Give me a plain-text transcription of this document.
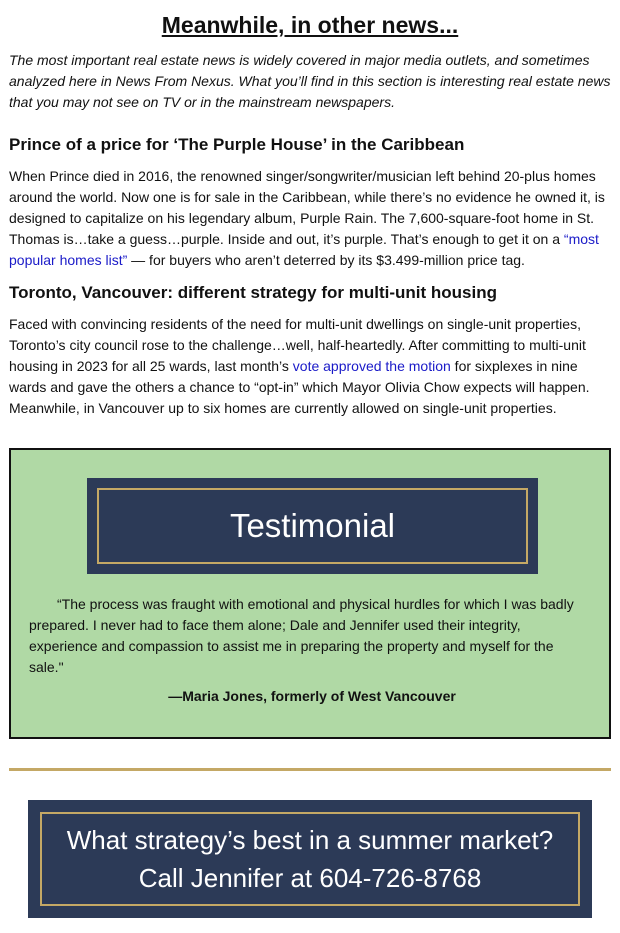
Meanwhile, in other news...

The most important real estate news is widely covered in major media outlets, and sometimes analyzed here in News From Nexus. What you’ll find in this section is interesting real estate news that you may not see on TV or in the mainstream newspapers.

Prince of a price for ‘The Purple House’ in the Caribbean

When Prince died in 2016, the renowned singer/songwriter/musician left behind 20-plus homes around the world. Now one is for sale in the Caribbean, while there’s no evidence he owned it, is designed to capitalize on his legendary album, Purple Rain. The 7,600-square-foot home in St. Thomas is…take a guess…purple. Inside and out, it’s purple. That’s enough to get it on a “most popular homes list” — for buyers who aren’t deterred by its $3.499-million price tag.

Toronto, Vancouver: different strategy for multi-unit housing

Faced with convincing residents of the need for multi-unit dwellings on single-unit properties, Toronto’s city council rose to the challenge…well, half-heartedly. After committing to multi-unit housing in 2023 for all 25 wards, last month’s vote approved the motion for sixplexes in nine wards and gave the others a chance to “opt-in” which Mayor Olivia Chow expects will happen. Meanwhile, in Vancouver up to six homes are currently allowed on single-unit properties.

Testimonial

“The process was fraught with emotional and physical hurdles for which I was badly prepared. I never had to face them alone; Dale and Jennifer used their integrity, experience and compassion to assist me in preparing the property and myself for the sale."

—Maria Jones, formerly of West Vancouver

What strategy’s best in a summer market?
Call Jennifer at 604-726-8768
